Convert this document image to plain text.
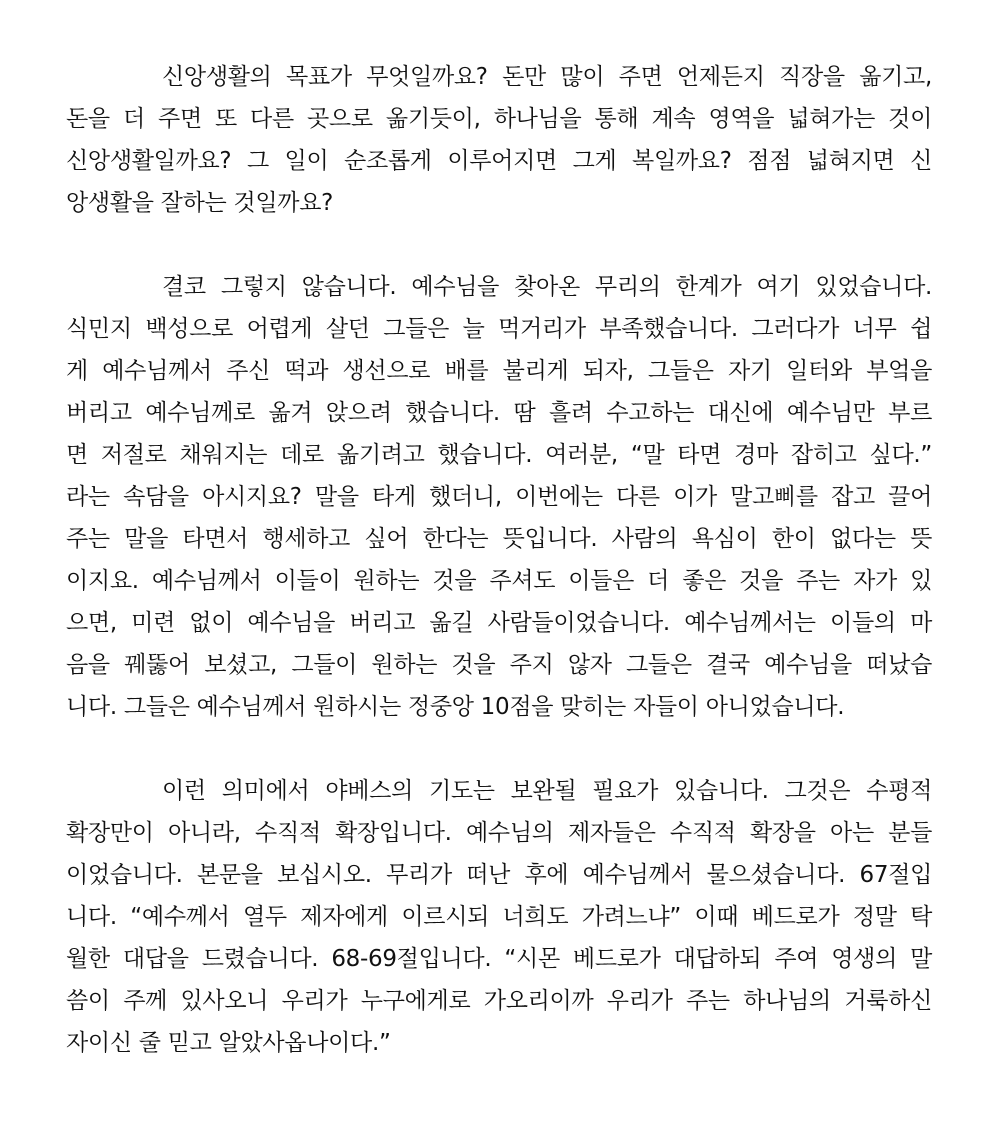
신앙생활의 목표가 무엇일까요? 돈만 많이 주면 언제든지 직장을 옮기고,
돈을 더 주면 또 다른 곳으로 옮기듯이, 하나님을 통해 계속 영역을 넓혀가는 것이
신앙생활일까요? 그 일이 순조롭게 이루어지면 그게 복일까요? 점점 넓혀지면 신
앙생활을 잘하는 것일까요?
결코 그렇지 않습니다. 예수님을 찾아온 무리의 한계가 여기 있었습니다.
식민지 백성으로 어렵게 살던 그들은 늘 먹거리가 부족했습니다. 그러다가 너무 쉽
게 예수님께서 주신 떡과 생선으로 배를 불리게 되자, 그들은 자기 일터와 부엌을
버리고 예수님께로 옮겨 앉으려 했습니다. 땀 흘려 수고하는 대신에 예수님만 부르
면 저절로 채워지는 데로 옮기려고 했습니다. 여러분, “말 타면 경마 잡히고 싶다.”
라는 속담을 아시지요? 말을 타게 했더니, 이번에는 다른 이가 말고삐를 잡고 끌어
주는 말을 타면서 행세하고 싶어 한다는 뜻입니다. 사람의 욕심이 한이 없다는 뜻
이지요. 예수님께서 이들이 원하는 것을 주셔도 이들은 더 좋은 것을 주는 자가 있
으면, 미련 없이 예수님을 버리고 옮길 사람들이었습니다. 예수님께서는 이들의 마
음을 꿰뚫어 보셨고, 그들이 원하는 것을 주지 않자 그들은 결국 예수님을 떠났습
니다. 그들은 예수님께서 원하시는 정중앙 10점을 맞히는 자들이 아니었습니다.
이런 의미에서 야베스의 기도는 보완될 필요가 있습니다. 그것은 수평적
확장만이 아니라, 수직적 확장입니다. 예수님의 제자들은 수직적 확장을 아는 분들
이었습니다. 본문을 보십시오. 무리가 떠난 후에 예수님께서 물으셨습니다. 67절입
니다. “예수께서 열두 제자에게 이르시되 너희도 가려느냐” 이때 베드로가 정말 탁
월한 대답을 드렸습니다. 68-69절입니다. “시몬 베드로가 대답하되 주여 영생의 말
씀이 주께 있사오니 우리가 누구에게로 가오리이까 우리가 주는 하나님의 거룩하신
자이신 줄 믿고 알았사옵나이다.”
